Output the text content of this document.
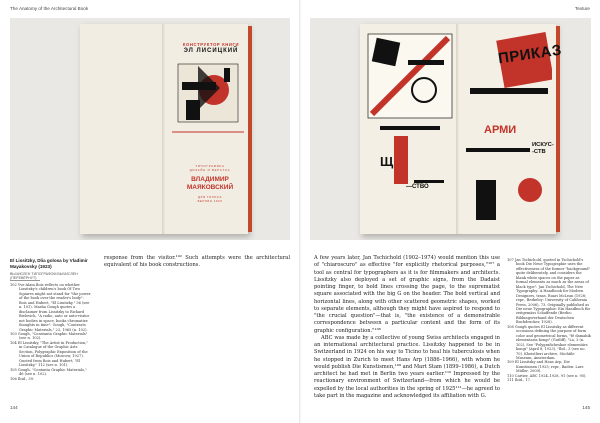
The Anatomy of the Architectural Book	Texture
КОНСТРУКТОР КНИГИ
ЭЛ ЛИСИЦКИЙ
ТИПОГРАФИКА
ДИЗАЙН И ВЕРСТКА
ВЛАДИМИР
МАЯКОВСКИЙ
ДЛЯ ГОЛОСА
БЕРЛИН 1923
Щ
—СТВО
ПРИКАЗ
АРМИ
ИСКУС-
-СТВ
El Lissitzky, Dlia golosa by Vladimir Mayakovsky (1923)
ВЫЧИСЛЕН ТИПОГРАФОМ ВЫЧИСЛЕН (ПЕРЕВЁРНУТ)

102 Yve-Alain Bois reflects on whether Lissitzky's children's book Of Two Squares might not stand for "the power of the book over the reader's body": Bois and Hubert, "El Lissitzky," 56 (see n. 101). Masha Gough quotes a disclaimer from Lissitzky to Richard Bielovich, "A radio, auto or auto-visitor not bodies in space, books chromatize thoughts in time": Gough, "Contrasts Graphic Materials," 23, 1965 (n. 102).

103 Gough, "Constanta Graphic Materials" (see n. 102).

104 El Lissitzky, "The Artist in Production," in Catalogue of the Graphic Arts Section, Polygraphic Exposition of the Union of Republics (Moscow, 1927). Quoted from Bois and Hubert, "El Lissitzky," 112 (see n. 101).

105 Gough, "Contanta Graphic Materials," 46 (see n. 102).

106 Ibid., 39.

response from the visitor.¹⁰² Such attempts were the architectural equivalent of his book constructions.

A few years later, Jan Tschichold (1902–1974) would mention this use of "chiaroscuro" as effective "for explicitly rhetorical purposes,"¹⁰⁷ a tool as central for typographers as it is for filmmakers and architects. Lissitzky also deployed a set of graphic signs, from the Dadaist pointing finger, to bold lines crossing the page, to the suprematist square associated with the big G on the header. The bold vertical and horizontal lines, along with other scattered geometric shapes, worked to separate elements, although they might have aspired to respond to "the crucial question"—that is, "the existence of a demonstrable correspondence between a particular content and the form of its graphic configuration."¹⁰⁸

ABC was made by a collective of young Swiss architects engaged in an international architectural practice. Lissitzky happened to be in Switzerland in 1924 on his way to Ticino to heal his tuberculosis when he stopped in Zurich to meet Hans Arp (1886–1966), with whom he would publish Die Kunstismen,¹⁰⁹ and Mart Stam (1899–1986), a Dutch architect he had met in Berlin two years earlier.¹¹⁰ Impressed by the reactionary environment of Switzerland—from which he would be expelled by the local authorities in the spring of 1925¹¹¹—he agreed to take part in the magazine and acknowledged its affiliation with G.

107 Jan Tschichold, quoted in Tschichold's book Die Neue Typographie uses the effectiveness of the former "background" quite deliberately, and considers the blank white spaces on the paper as formal elements as much as the areas of black type": Jan Tschichold, The New Typography: A Handbook for Modern Designers, trans. Ruari McLean (1928; repr., Berkeley: University of California Press, 2006), 73. Originally published as Die neue Typographie: Ein Handbuch für zeitgemäss Schaffende (Berlin: Bildungsverband der Deutschen Buchdrucker, 1928).

108 Gough quotes El Lissitzky as different occasions defining the purpose of form color and geometrical forms, "fé damahik elementaria kongi" (Gutliff), "La, 3 (n. 102). See "Polygraficheskoe elementärs kongi" (April 8, 1923), "Ibd., 3 (see no. 70). Kheistlieri archive, Stichtile Museum, Amsterdam.

109 El Lissitzky and Hans Arp, Die Kunstismen (1925; repr., Baden: Lars Müller, 2009).

110 Cartier, ABC 1924–1928, 91 (see n. 95).

111 Ibid., 17.

144	145
